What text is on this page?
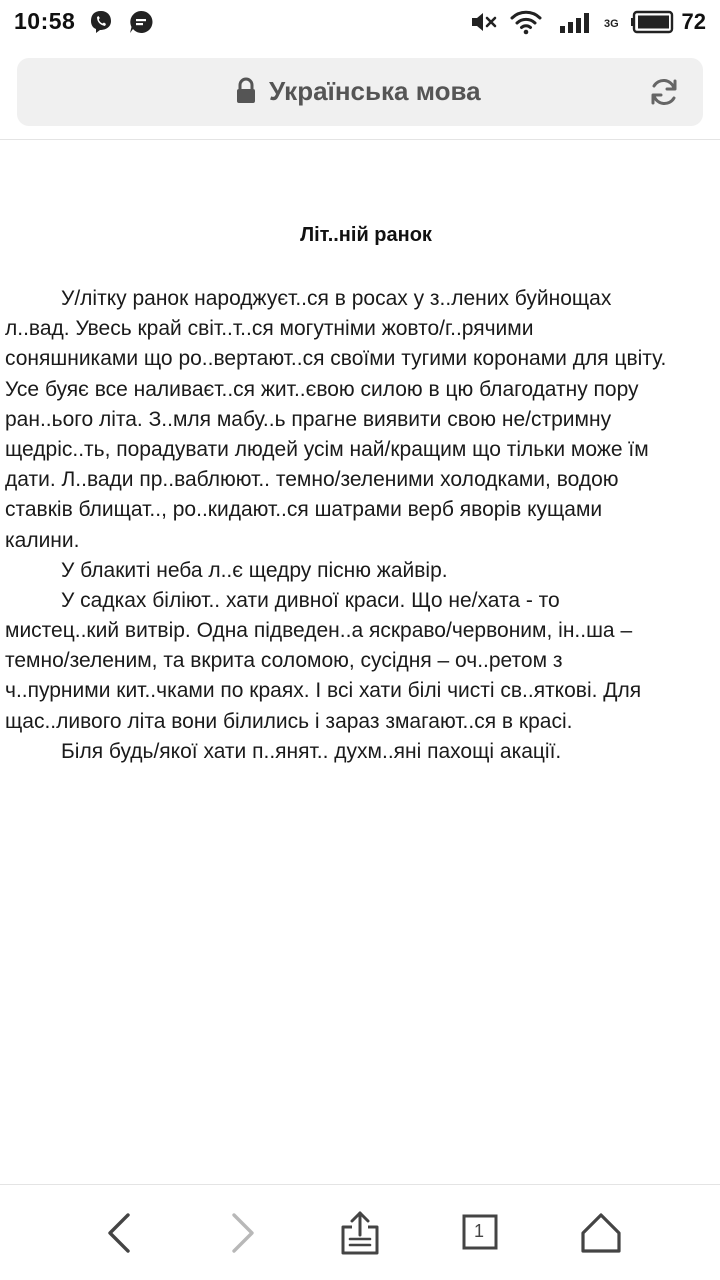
10:58	3G	72
Українська мова
Літ..ній ранок
У/літку ранок народжуєт..ся в росах у з..лених буйнощах
л..вад. Увесь край світ..т..ся могутніми жовто/г..рячими
соняшниками що ро..вертают..ся своїми тугими коронами для цвіту.
Усе буяє все наливаєт..ся жит..євою силою в цю благодатну пору
ран..ього літа. З..мля мабу..ь прагне виявити свою не/стримну
щедріс..ть, порадувати людей усім най/кращим що тільки може їм
дати. Л..вади пр..ваблюют.. темно/зеленими холодками, водою
ставків блищат.., ро..кидают..ся шатрами верб яворів кущами
калини.
У блакиті неба л..є щедру пісню жайвір.
У садках біліют.. хати дивної краси. Що не/хата - то
мистец..кий витвір. Одна підведен..а яскраво/червоним, ін..ша –
темно/зеленим, та вкрита соломою, сусідня – оч..ретом з
ч..пурними кит..чками по краях. І всі хати білі чисті св..яткові. Для
щас..ливого літа вони білились і зараз змагают..ся в красі.
Біля будь/якої хати п..янят.. духм..яні пахощі акації.
1
